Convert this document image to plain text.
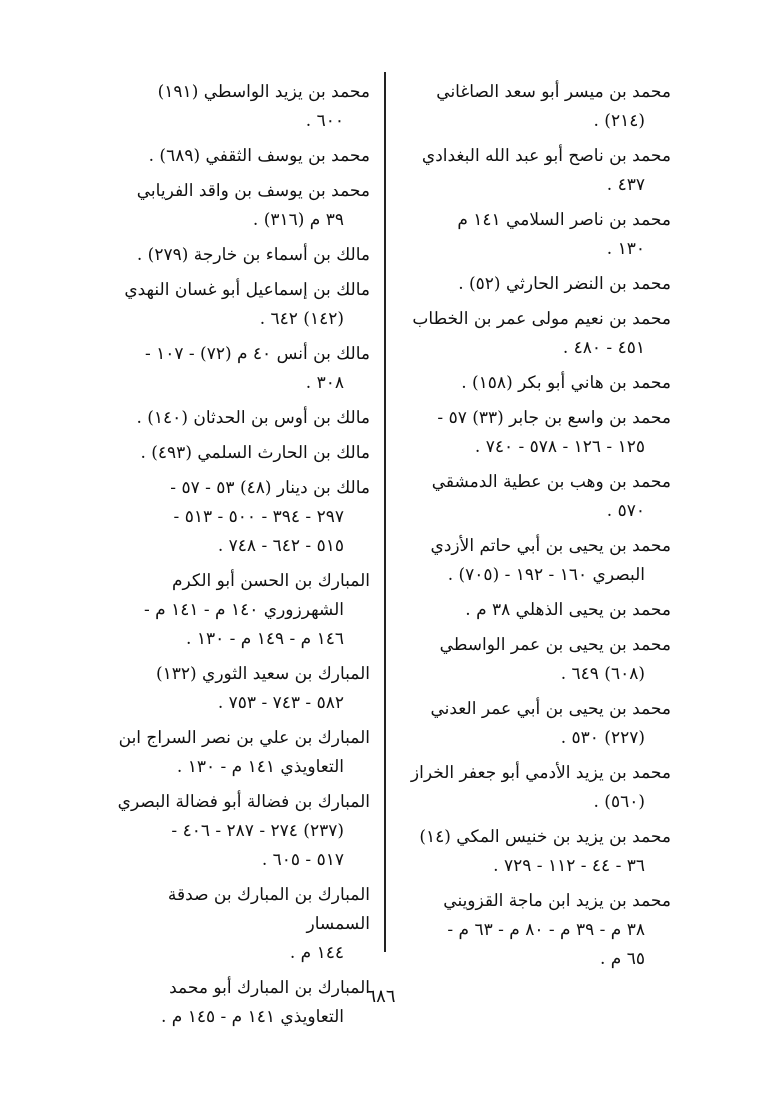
محمد بن ميسر أبو سعد الصاغاني
(٢١٤) .
محمد بن ناصح أبو عبد الله البغدادي
٤٣٧ .
محمد بن ناصر السلامي ١٤١ م
١٣٠ .
محمد بن النضر الحارثي (٥٢) .
محمد بن نعيم مولى عمر بن الخطاب
٤٥١ - ٤٨٠ .
محمد بن هاني أبو بكر (١٥٨) .
محمد بن واسع بن جابر (٣٣) ٥٧ -
١٢٥ - ١٢٦ - ٥٧٨ - ٧٤٠ .
محمد بن وهب بن عطية الدمشقي
٥٧٠ .
محمد بن يحيى بن أبي حاتم الأزدي
البصري ١٦٠ - ١٩٢ - (٧٠٥) .
محمد بن يحيى الذهلي ٣٨ م .
محمد بن يحيى بن عمر الواسطي
(٦٠٨) ٦٤٩ .
محمد بن يحيى بن أبي عمر العدني
(٢٢٧) ٥٣٠ .
محمد بن يزيد الأدمي أبو جعفر الخراز
(٥٦٠) .
محمد بن يزيد بن خنيس المكي (١٤)
٣٦ - ٤٤ - ١١٢ - ٧٢٩ .
محمد بن يزيد ابن ماجة القزويني
٣٨ م - ٣٩ م - ٨٠ م - ٦٣ م -
٦٥ م .
محمد بن يزيد الواسطي (١٩١)
٦٠٠ .
محمد بن يوسف الثقفي (٦٨٩) .
محمد بن يوسف بن واقد الفريابي
٣٩ م (٣١٦) .
مالك بن أسماء بن خارجة (٢٧٩) .
مالك بن إسماعيل أبو غسان النهدي
(١٤٢) ٦٤٢ .
مالك بن أنس ٤٠ م (٧٢) - ١٠٧ -
٣٠٨ .
مالك بن أوس بن الحدثان (١٤٠) .
مالك بن الحارث السلمي (٤٩٣) .
مالك بن دينار (٤٨) ٥٣ - ٥٧ -
٢٩٧ - ٣٩٤ - ٥٠٠ - ٥١٣ -
٥١٥ - ٦٤٢ - ٧٤٨ .
المبارك بن الحسن أبو الكرم
الشهرزوري ١٤٠ م - ١٤١ م -
١٤٦ م - ١٤٩ م - ١٣٠ .
المبارك بن سعيد الثوري (١٣٢)
٥٨٢ - ٧٤٣ - ٧٥٣ .
المبارك بن علي بن نصر السراج ابن
التعاويذي ١٤١ م - ١٣٠ .
المبارك بن فضالة أبو فضالة البصري
(٢٣٧) ٢٧٤ - ٢٨٧ - ٤٠٦ -
٥١٧ - ٦٠٥ .
المبارك بن المبارك بن صدقة السمسار
١٤٤ م .
المبارك بن المبارك أبو محمد
التعاويذي ١٤١ م - ١٤٥ م .
٦٨٦
